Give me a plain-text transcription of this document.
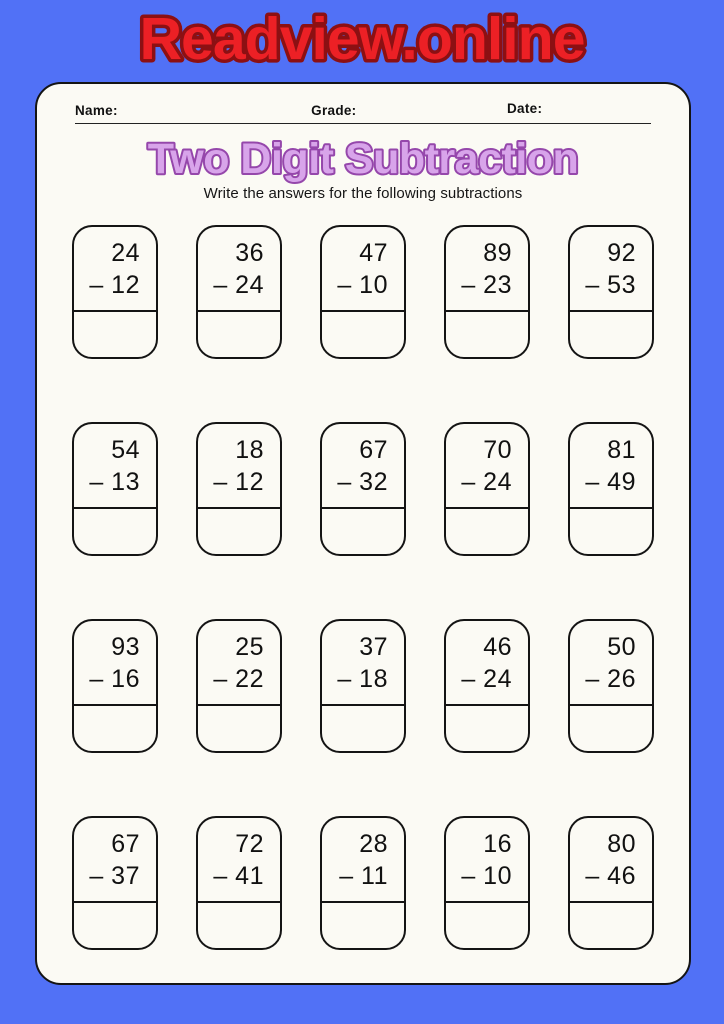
Readview.online
Name:	Grade:	Date:
Two Digit Subtraction
Write the answers for the following subtractions
24
– 12
36
– 24
47
– 10
89
– 23
92
– 53
54
– 13
18
– 12
67
– 32
70
– 24
81
– 49
93
– 16
25
– 22
37
– 18
46
– 24
50
– 26
67
– 37
72
– 41
28
– 11
16
– 10
80
– 46
